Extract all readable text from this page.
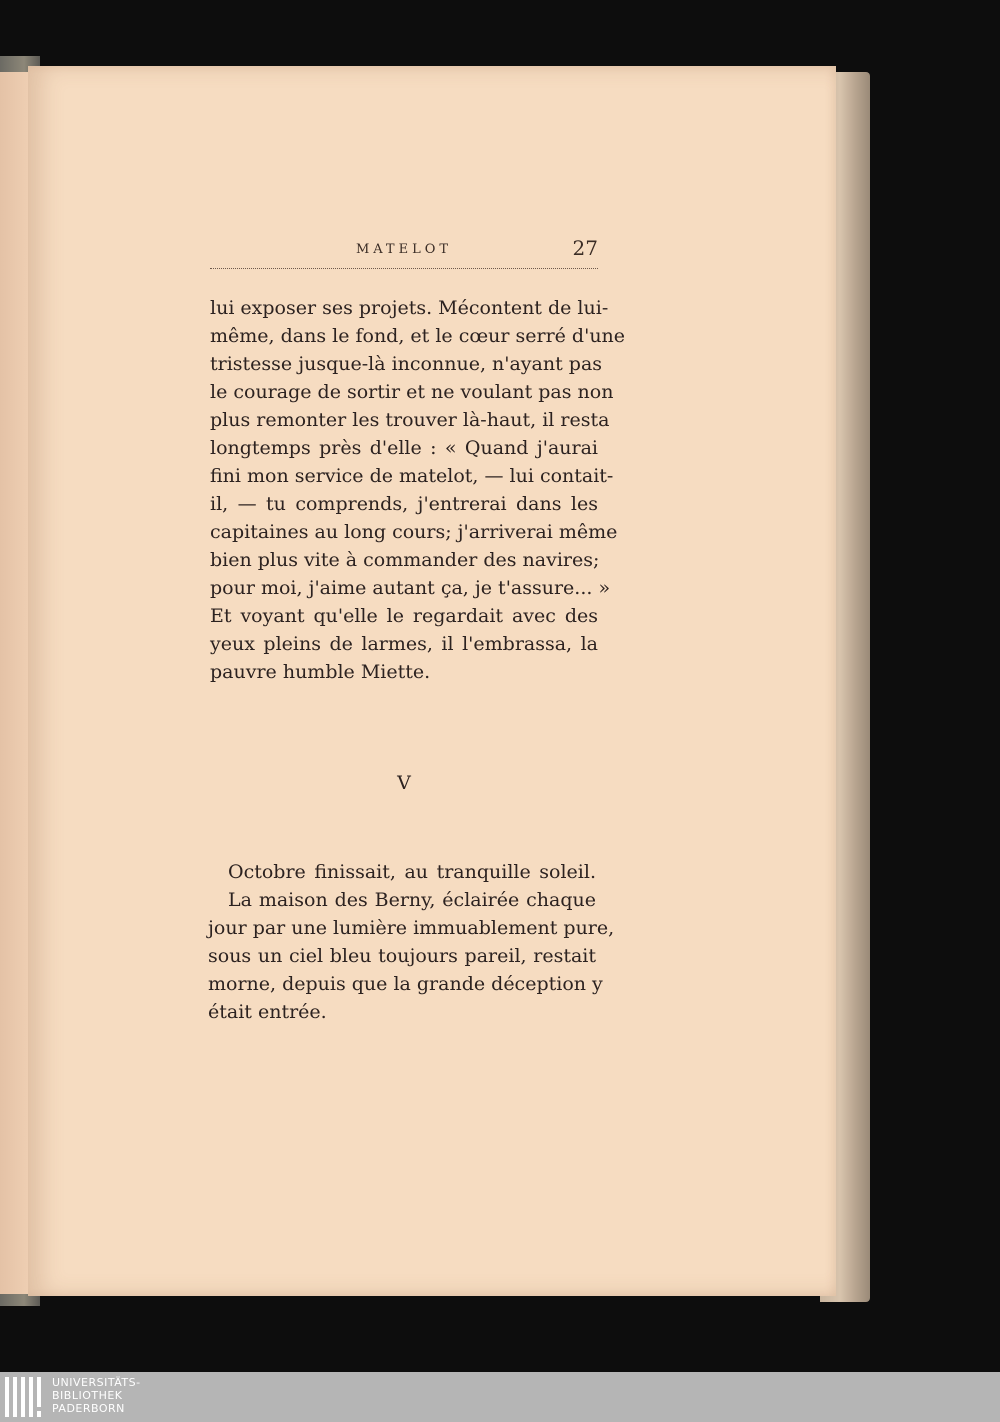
MATELOT	27
lui exposer ses projets. Mécontent de lui-
même, dans le fond, et le cœur serré d'une
tristesse jusque-là inconnue, n'ayant pas
le courage de sortir et ne voulant pas non
plus remonter les trouver là-haut, il resta
longtemps près d'elle : « Quand j'aurai
fini mon service de matelot, — lui contait-
il, — tu comprends, j'entrerai dans les
capitaines au long cours; j'arriverai même
bien plus vite à commander des navires;
pour moi, j'aime autant ça, je t'assure... »
Et voyant qu'elle le regardait avec des
yeux pleins de larmes, il l'embrassa, la
pauvre humble Miette.
V
Octobre finissait, au tranquille soleil.
La maison des Berny, éclairée chaque
jour par une lumière immuablement pure,
sous un ciel bleu toujours pareil, restait
morne, depuis que la grande déception y
était entrée.
UNIVERSITÄTS-
BIBLIOTHEK
PADERBORN
